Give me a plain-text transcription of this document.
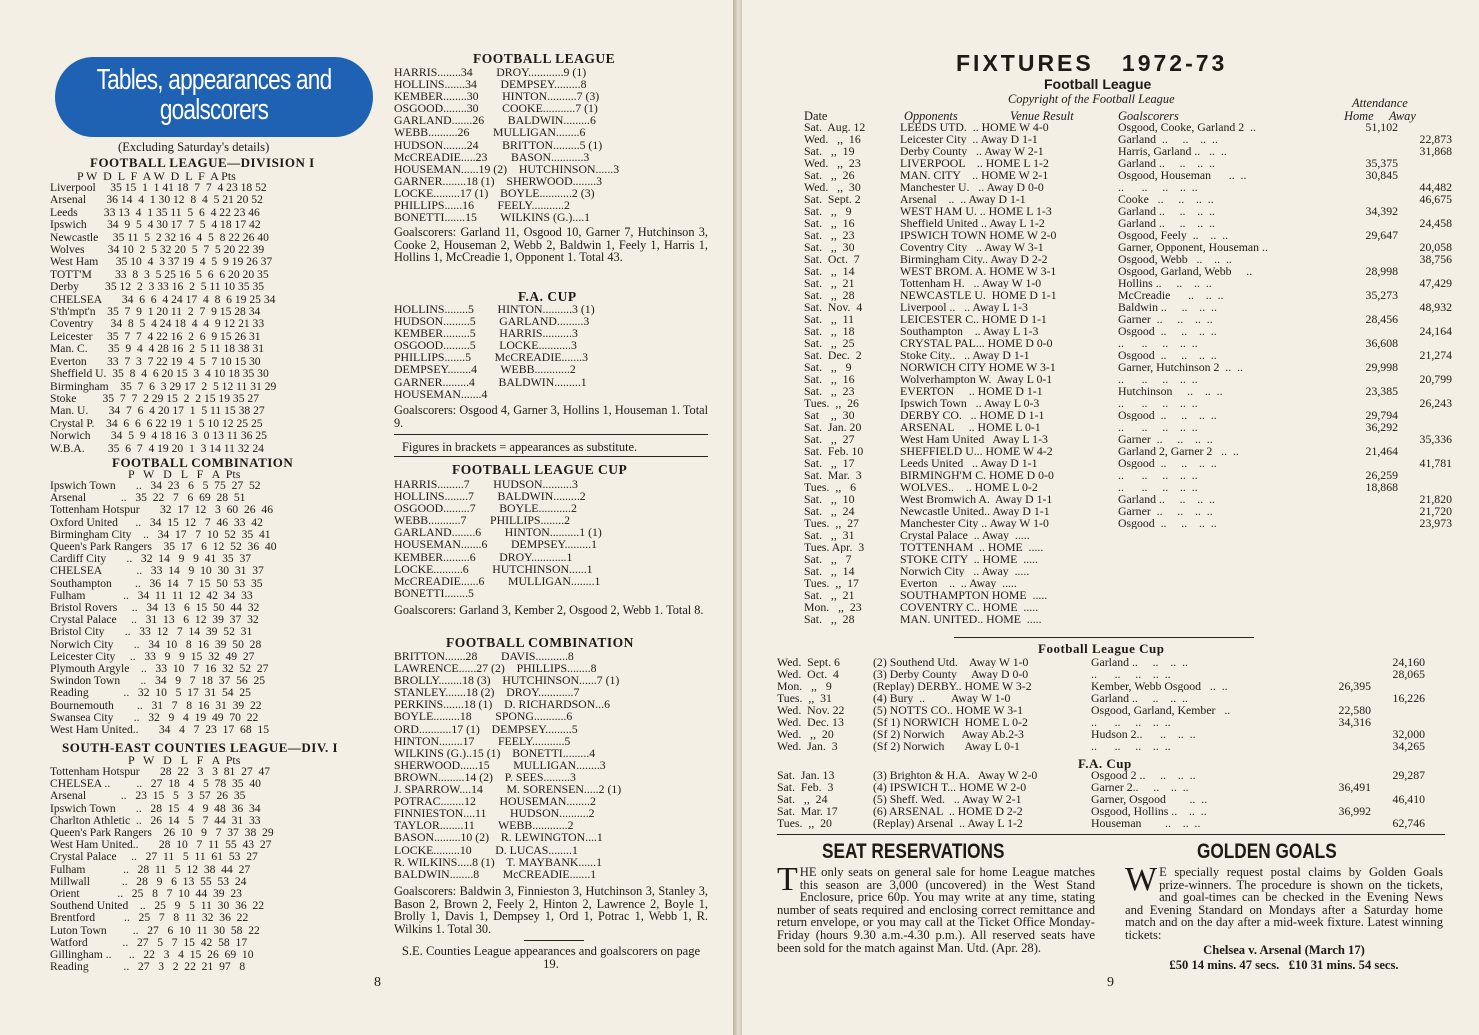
Tables, appearances and
goalscorers
(Excluding Saturday's details)
FOOTBALL LEAGUE—DIVISION I
P W  D  L  F  A W  D  L  F  A Pts
Liverpool     35 15  1  1 41 18  7  7  4 23 18 52
Arsenal       36 14  4  1 30 12  8  4  5 21 20 52
Leeds         33 13  4  1 35 11  5  6  4 22 23 46
Ipswich       34  9  5  4 30 17  7  5  4 18 17 42
Newcastle     35 11  5  2 32 16  4  5  8 22 26 40
Wolves        34 10  2  5 32 20  5  7  5 20 22 39
West Ham      35 10  4  3 37 19  4  5  9 19 26 37
TOTT'M        33  8  3  5 25 16  5  6  6 20 20 35
Derby         35 12  2  3 33 16  2  5 11 10 35 35
CHELSEA       34  6  6  4 24 17  4  8  6 19 25 34
S'th'mpt'n    35  7  9  1 20 11  2  7  9 15 28 34
Coventry      34  8  5  4 24 18  4  4  9 12 21 33
Leicester     35  7  7  4 22 16  2  6  9 15 26 31
Man. C.       35  9  4  4 28 16  2  5 11 18 38 31
Everton       33  7  3  7 22 19  4  5  7 10 15 30
Sheffield U.  35  8  4  6 20 15  3  4 10 18 35 30
Birmingham    35  7  6  3 29 17  2  5 12 11 31 29
Stoke         35  7  7  2 29 15  2  2 15 19 35 27
Man. U.       34  7  6  4 20 17  1  5 11 15 38 27
Crystal P.    34  6  6  6 22 19  1  5 10 12 25 25
Norwich       34  5  9  4 18 16  3  0 13 11 36 25
W.B.A.        35  6  7  4 19 20  1  3 14 11 32 24
FOOTBALL COMBINATION
P   W   D   L   F   A  Pts
Ipswich Town       ..   34  23   6   5  75  27  52
Arsenal            ..   35  22   7   6  69  28  51
Tottenham Hotspur       32  17  12   3  60  26  46
Oxford United      ..   34  15  12   7  46  33  42
Birmingham City    ..   34  17   7  10  52  35  41
Queen's Park Rangers    35  17   6  12  52  36  40
Cardiff City       ..   32  14   9   9  41  35  37
CHELSEA            ..   33  14   9  10  30  31  37
Southampton        ..   36  14   7  15  50  53  35
Fulham             ..   34  11  11  12  42  34  33
Bristol Rovers     ..   34  13   6  15  50  44  32
Crystal Palace     ..   31  13   6  12  39  37  32
Bristol City       ..   33  12   7  14  39  52  31
Norwich City       ..   34  10   8  16  39  50  28
Leicester City     ..   33   9   9  15  32  49  27
Plymouth Argyle    ..   33  10   7  16  32  52  27
Swindon Town       ..   34   9   7  18  37  56  25
Reading            ..   32  10   5  17  31  54  25
Bournemouth        ..   31   7   8  16  31  39  22
Swansea City       ..   32   9   4  19  49  70  22
West Ham United..       34   4   7  23  17  68  15
SOUTH-EAST COUNTIES LEAGUE—DIV. I
P   W   D   L   F   A  Pts
Tottenham Hotspur       28  22   3   3  81  27  47
CHELSEA ..         ..   27  18   4   5  78  35  40
Arsenal            ..   23  15   5   3  57  26  35
Ipswich Town       ..   28  15   4   9  48  36  34
Charlton Athletic  ..   26  14   5   7  44  31  33
Queen's Park Rangers    26  10   9   7  37  38  29
West Ham United..       28  10   7  11  55  43  27
Crystal Palace     ..   27  11   5  11  61  53  27
Fulham             ..   28  11   5  12  38  44  27
Millwall           ..   28   9   6  13  55  53  24
Orient             ..   25   8   7  10  44  39  23
Southend United    ..   25   9   5  11  30  36  22
Brentford          ..   25   7   8  11  32  36  22
Luton Town         ..   27   6  10  11  30  58  22
Watford            ..   27   5   7  15  42  58  17
Gillingham ..      ..   22   3   4  15  26  69  10
Reading            ..   27   3   2  22  21  97   8
8
FOOTBALL LEAGUE
HARRIS........34        DROY............9 (1)
HOLLINS.......34        DEMPSEY.........8
KEMBER........30        HINTON..........7 (3)
OSGOOD........30        COOKE...........7 (1)
GARLAND.......26        BALDWIN.........6
WEBB..........26        MULLIGAN........6
HUDSON........24        BRITTON.........5 (1)
McCREADIE.....23        BASON...........3
HOUSEMAN......19 (2)    HUTCHINSON......3
GARNER........18 (1)    SHERWOOD........3
LOCKE.........17 (1)    BOYLE...........2 (3)
PHILLIPS......16        FEELY...........2
BONETTI.......15        WILKINS (G.)....1

Goalscorers: Garland 11, Osgood 10, Garner 7, Hutchinson 3, Cooke 2, Houseman 2, Webb 2, Baldwin 1, Feely 1, Harris 1, Hollins 1, McCreadie 1, Opponent 1. Total 43.

F.A. CUP
HOLLINS........5        HINTON..........3 (1)
HUDSON.........5        GARLAND.........3
KEMBER.........5        HARRIS..........3
OSGOOD.........5        LOCKE...........3
PHILLIPS.......5        McCREADIE.......3
DEMPSEY........4        WEBB............2
GARNER.........4        BALDWIN.........1
HOUSEMAN.......4

Goalscorers: Osgood 4, Garner 3, Hollins 1, Houseman 1. Total 9.

Figures in brackets = appearances as substitute.
FOOTBALL LEAGUE CUP
HARRIS.........7        HUDSON..........3
HOLLINS........7        BALDWIN.........2
OSGOOD.........7        BOYLE...........2
WEBB...........7        PHILLIPS........2
GARLAND........6        HINTON..........1 (1)
HOUSEMAN.......6        DEMPSEY.........1
KEMBER.........6        DROY............1
LOCKE..........6        HUTCHINSON......1
McCREADIE......6        MULLIGAN........1
BONETTI........5

Goalscorers: Garland 3, Kember 2, Osgood 2, Webb 1. Total 8.

FOOTBALL COMBINATION
BRITTON.......28        DAVIS...........8
LAWRENCE......27 (2)    PHILLIPS........8
BROLLY........18 (3)    HUTCHINSON......7 (1)
STANLEY.......18 (2)    DROY............7
PERKINS.......18 (1)    D. RICHARDSON...6
BOYLE.........18        SPONG...........6
ORD...........17 (1)    DEMPSEY.........5
HINTON........17        FEELY...........5
WILKINS (G.)..15 (1)    BONETTI.........4
SHERWOOD......15        MULLIGAN........3
BROWN.........14 (2)    P. SEES.........3
J. SPARROW....14        M. SORENSEN.....2 (1)
POTRAC........12        HOUSEMAN........2
FINNIESTON....11        HUDSON..........2
TAYLOR........11        WEBB............2
BASON.........10 (2)    R. LEWINGTON....1
LOCKE.........10        D. LUCAS........1
R. WILKINS.....8 (1)    T. MAYBANK......1
BALDWIN........8        McCREADIE.......1

Goalscorers: Baldwin 3, Finnieston 3, Hutchinson 3, Stanley 3, Bason 2, Brown 2, Feely 2, Hinton 2, Lawrence 2, Boyle 1, Brolly 1, Davis 1, Dempsey 1, Ord 1, Potrac 1, Webb 1, R. Wilkins 1. Total 30.

S.E. Counties League appearances and goalscorers on page 19.

FIXTURES   1972-73
Football League
Copyright of the Football League	Attendance
Date	Opponents	Venue Result	Goalscorers	Home Away
Sat.  Aug. 12	LEEDS UTD.  .. HOME W 4-0	Osgood, Cooke, Garland 2  ..	51,102
Wed.   ,,  16	Leicester City  .. Away D 1-1	Garland  ..     ..    ..  ..	22,873
Sat.   ,,  19	Derby County   .. Away W 2-1	Harris, Garland ..   ..  ..	31,868
Wed.   ,,  23	LIVERPOOL    .. HOME L 1-2	Garland ..     ..    ..  ..	35,375
Sat.   ,,  26	MAN. CITY    .. HOME W 2-1	Osgood, Houseman      ..  ..	30,845
Wed.   ,,  30	Manchester U.   .. Away D 0-0	..      ..     ..    ..  ..	44,482
Sat.  Sept. 2	Arsenal    ..  .. Away D 1-1	Cooke   ..     ..    ..  ..	46,675
Sat.   ,,   9	WEST HAM U. .. HOME L 1-3	Garland ..     ..    ..  ..	34,392
Sat.   ,,  16	Sheffield United .. Away L 1-2	Garland ..     ..    ..  ..	24,458
Sat.   ,,  23	IPSWICH TOWN HOME W 2-0	Osgood, Feely  ..    ..  ..	29,647
Sat.   ,,  30	Coventry City   .. Away W 3-1	Garner, Opponent, Houseman ..	20,058
Sat.  Oct.  7	Birmingham City.. Away D 2-2	Osgood, Webb   ..    ..  ..	38,756
Sat.   ,,  14	WEST BROM. A. HOME W 3-1	Osgood, Garland, Webb     ..	28,998
Sat.   ,,  21	Tottenham H.   .. Away W 1-0	Hollins ..     ..    ..  ..	47,429
Sat.   ,,  28	NEWCASTLE U.  HOME D 1-1	McCreadie      ..    ..  ..	35,273
Sat.  Nov.  4	Liverpool ..   .. Away L 1-3	Baldwin ..     ..    ..  ..	48,932
Sat.   ,,  11	LEICESTER C.. HOME D 1-1	Garner  ..     ..    ..  ..	28,456
Sat.   ,,  18	Southampton    .. Away L 1-3	Osgood  ..     ..    ..  ..	24,164
Sat.   ,,  25	CRYSTAL PAL... HOME D 0-0	..      ..     ..    ..  ..	36,608
Sat.  Dec.  2	Stoke City..   .. Away D 1-1	Osgood  ..     ..    ..  ..	21,274
Sat.   ,,   9	NORWICH CITY HOME W 3-1	Garner, Hutchinson 2  ..  ..	29,998
Sat.   ,,  16	Wolverhampton W.  Away L 0-1	..      ..     ..    ..  ..	20,799
Sat.   ,,  23	EVERTON     .. HOME D 1-1	Hutchinson     ..    ..  ..	23,385
Tues.  ,,  26	Ipswich Town   .. Away L 0-3	..      ..     ..    ..  ..	26,243
Sat    ,,  30	DERBY CO.   .. HOME D 1-1	Osgood  ..     ..    ..  ..	29,794
Sat.  Jan. 20	ARSENAL     .. HOME L 0-1	..      ..     ..    ..  ..	36,292
Sat.   ,,  27	West Ham United   Away L 1-3	Garner  ..     ..    ..  ..	35,336
Sat.  Feb. 10	SHEFFIELD U... HOME W 4-2	Garland 2, Garner 2   ..  ..	21,464
Sat.   ,,  17	Leeds United   .. Away D 1-1	Osgood  ..     ..    ..  ..	41,781
Sat.  Mar.  3	BIRMINGH'M C. HOME D 0-0	..      ..     ..    ..  ..	26,259
Tues.  ,,   6	WOLVES..    .. HOME L 0-2	..      ..     ..    ..  ..	18,868
Sat.   ,,  10	West Bromwich A.  Away D 1-1	Garland ..     ..    ..  ..	21,820
Sat.   ,,  24	Newcastle United.. Away D 1-1	Garner  ..     ..    ..  ..	21,720
Tues.  ,,  27	Manchester City .. Away W 1-0	Osgood  ..     ..    ..  ..	23,973
Sat.   ,,  31	Crystal Palace  .. Away  .....
Tues. Apr.  3	TOTTENHAM  .. HOME  .....
Sat.   ,,   7	STOKE CITY  .. HOME  .....
Sat.   ,,  14	Norwich City   .. Away  .....
Tues.  ,,  17	Everton    ..  .. Away  .....
Sat.   ,,  21	SOUTHAMPTON HOME  .....
Mon.   ,,  23	COVENTRY C.. HOME  .....
Sat.   ,,  28	MAN. UNITED.. HOME  .....
Football League Cup
Wed.  Sept. 6	(2) Southend Utd.    Away W 1-0	Garland ..     ..    ..  ..	24,160
Wed.  Oct.  4	(3) Derby County     Away D 0-0	..      ..     ..    ..  ..	28,065
Mon.   ,,   9	(Replay) DERBY.. HOME W 3-2	Kember, Webb Osgood   ..  ..	26,395
Tues.  ,,  31	(4) Bury  ..         Away W 1-0	Garland ..     ..    ..  ..	16,226
Wed.  Nov. 22	(5) NOTTS CO.. HOME W 3-1	Osgood, Garland, Kember   ..	22,580
Wed.  Dec. 13	(Sf 1) NORWICH  HOME L 0-2	..      ..     ..    ..  ..	34,316
Wed.   ,,  20	(Sf 2) Norwich      Away Ab.2-3	Hudson 2..      ..    ..  ..	32,000
Wed.  Jan.  3	(Sf 2) Norwich       Away L 0-1	..      ..     ..    ..  ..	34,265
F.A. Cup
Sat.  Jan. 13	(3) Brighton & H.A.   Away W 2-0	Osgood 2 ..     ..    ..  ..	29,287
Sat.  Feb.  3	(4) IPSWICH T... HOME W 2-0	Garner 2..     ..    ..  ..	36,491
Sat.   ,,  24	(5) Sheff. Wed.   .. Away W 2-1	Garner, Osgood        ..  ..	46,410
Sat.  Mar. 17	(6) ARSENAL  .. HOME D 2-2	Osgood, Hollins ..    ..  ..	36,992
Tues.  ,,  20	(Replay) Arsenal  .. Away L 1-2	Houseman        ..    ..  ..	62,746
SEAT RESERVATIONS
T HE only seats on general sale for home League matches this season are 3,000 (uncovered) in the West Stand Enclosure, price 60p. You may write at any time, stating number of seats required and enclosing correct remittance and return envelope, or you may call at the Ticket Office Monday-Friday (hours 9.30 a.m.-4.30 p.m.). All reserved seats have been sold for the match against Man. Utd. (Apr. 28).

GOLDEN GOALS
W E specially request postal claims by Golden Goals prize-winners. The procedure is shown on the tickets, and goal-times can be checked in the Evening News and Evening Standard on Mondays after a Saturday home match and on the day after a mid-week fixture. Latest winning tickets:

Chelsea v. Arsenal (March 17)
£50 14 mins. 47 secs.   £10 31 mins. 54 secs.
9
